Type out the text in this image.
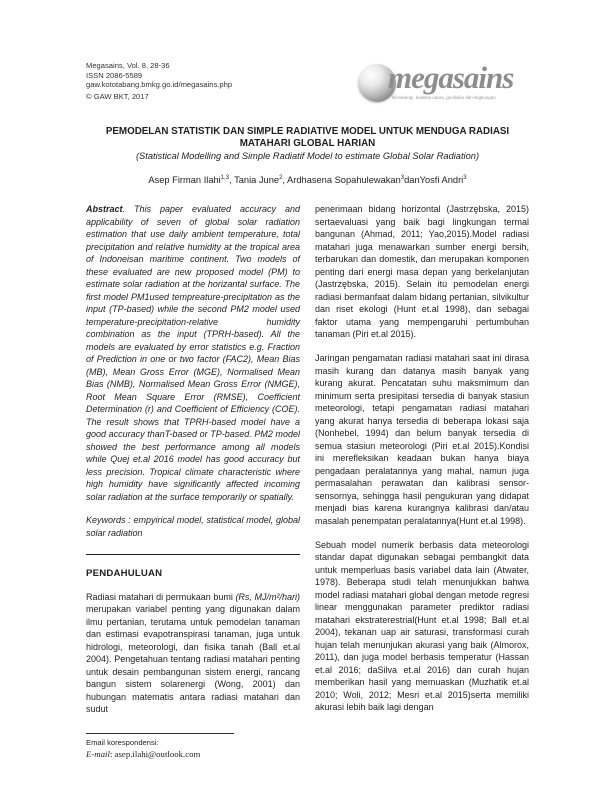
Megasains, Vol. 8, 28-36
ISSN 2086-5589
gaw.kototabang.bmkg.go.id/megasains.php
© GAW BKT, 2017
megasains
klimatologi, kualitas udara, geofisika dan lingkungan
PEMODELAN STATISTIK DAN SIMPLE RADIATIVE MODEL UNTUK MENDUGA RADIASI MATAHARI GLOBAL HARIAN
(Statistical Modelling and Simple Radiatif Model to estimate Global Solar Radiation)
Asep Firman Ilahi$^{1,3}$, Tania June$^2$, Ardhasena Sopahulewakan$^3$danYosfi Andri$^3$

Abstract. This paper evaluated accuracy and applicability of seven of global solar radiation estimation that use daily ambient temperature, total precipitation and relative humidity at the tropical area of Indoneisan maritime continent. Two models of these evaluated are new proposed model (PM) to estimate solar radiation at the horizantal surface. The first model PM1used tempreature-precipitation as the input (TP-based) while the second PM2 model used temperature-precipitation-relative humidity combination as the input (TPRH-based). All the models are evaluated by error statistics e.g. Fraction of Prediction in one or two factor (FAC2), Mean Bias (MB), Mean Gross Error (MGE), Normalised Mean Bias (NMB), Normalised Mean Gross Error (NMGE), Root Mean Square Error (RMSE), Coefficient Determination (r) and Coefficient of Efficiency (COE). The result shows that TPRH-based model have a good accuracy thanT-based or TP-based. PM2 model showed the best performance among all models while Quej et.al 2016 model has good accuracy but less precision. Tropical climate characteristic where high humidity have significantly affected incoming solar radiation at the surface temporarily or spatially.

Keywords : empyirical model, statistical model, global solar radiation

PENDAHULUAN

Radiasi matahari di permukaan bumi (Rs, MJ/m²/hari) merupakan variabel penting yang digunakan dalam ilmu pertanian, terutama untuk pemodelan tanaman dan estimasi evapotranspirasi tanaman, juga untuk hidrologi, meteorologi, dan fisika tanah (Ball et.al 2004). Pengetahuan tentang radiasi matahari penting untuk desain pembangunan sistem energi, rancang bangun sistem solarenergi (Wong, 2001) dan hubungan matematis antara radiasi matahari dan sudut

penerimaan bidang horizontal (Jastrzębska, 2015) sertaevaluasi yang baik bagi lingkungan termal bangunan (Ahmad, 2011; Yao,2015).Model radiasi matahari juga menawarkan sumber energi bersih, terbarukan dan domestik, dan merupakan komponen penting dari energi masa depan yang berkelanjutan (Jastrzębska, 2015). Selain itu pemodelan energi radiasi bermanfaat dalam bidang pertanian, silvikultur dan riset ekologi (Hunt et.al 1998), dan sebagai faktor utama yang mempengaruhi pertumbuhan tanaman (Piri et.al 2015).

Jaringan pengamatan radiasi matahari saat ini dirasa masih kurang dan datanya masih banyak yang kurang akurat. Pencatatan suhu maksmimum dan minimum serta presipitasi tersedia di banyak stasiun meteorologi, tetapi pengamatan radiasi matahari yang akurat hanya tersedia di beberapa lokasi saja (Nonhebel, 1994) dan belum banyak tersedia di semua stasiun meteorologi (Piri et.al 2015).Kondisi ini merefleksikan keadaan bukan hanya biaya pengadaan peralatannya yang mahal, namun juga permasalahan perawatan dan kalibrasi sensor-sensornya, sehingga hasil pengukuran yang didapat menjadi bias karena kurangnya kalibrasi dan/atau masalah penempatan peralatannya(Hunt et.al 1998).

Sebuah model numerik berbasis data meteorologi standar dapat digunakan sebagai pembangkit data untuk memperluas basis variabel data lain (Atwater, 1978). Beberapa studi telah menunjukkan bahwa model radiasi matahari global dengan metode regresi linear menggunakan parameter prediktor radiasi matahari ekstraterestrial(Hunt et.al 1998; Ball et.al 2004), tekanan uap air saturasi, transformasi curah hujan telah menunjukan akurasi yang baik (Almorox, 2011), dan juga model berbasis temperatur (Hassan et.al 2016; daSilva et.al 2016) dan curah hujan memberikan hasil yang memuaskan (Muzhatik et.al 2010; Woli, 2012; Mesri et.al 2015)serta memiliki akurasi lebih baik lagi dengan

Email korespondensi:
E-mail: asep.ilahi@outlook.com
